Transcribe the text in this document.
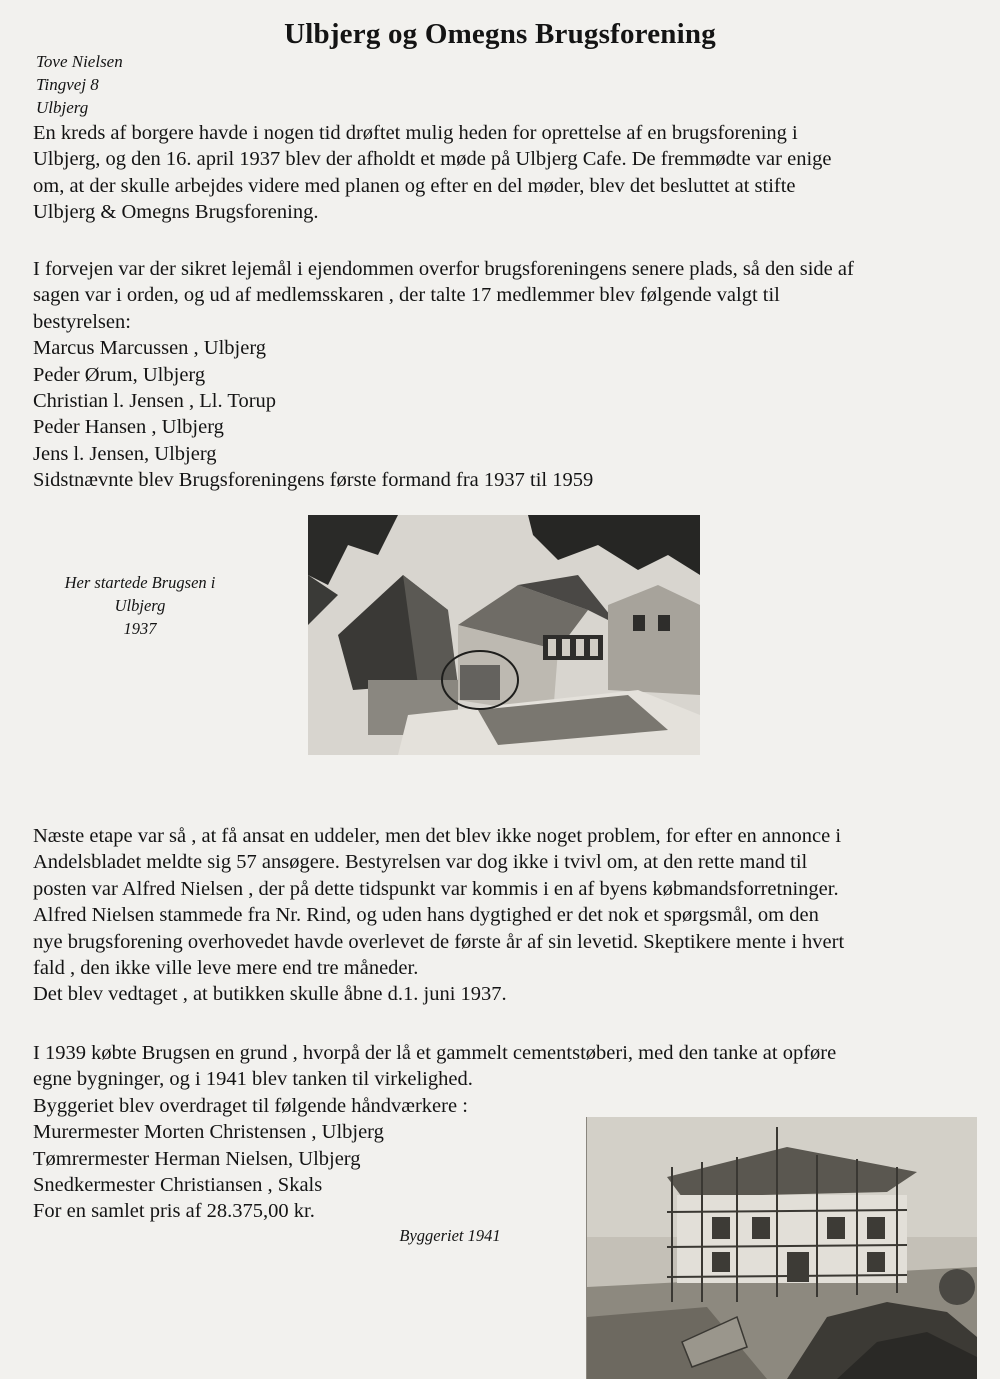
Ulbjerg og Omegns Brugsforening
Tove Nielsen
Tingvej 8
Ulbjerg
En kreds af borgere havde i nogen tid drøftet mulig heden for oprettelse af en brugsforening i
Ulbjerg, og den 16. april 1937 blev der afholdt et møde på Ulbjerg Cafe. De fremmødte var enige
om, at der skulle arbejdes videre med planen og efter en del møder, blev det besluttet at stifte
Ulbjerg & Omegns Brugsforening.
I forvejen var der sikret lejemål i ejendommen overfor brugsforeningens senere plads, så den side af
sagen var i orden, og ud af medlemsskaren , der talte 17 medlemmer blev følgende valgt til
bestyrelsen:
Marcus Marcussen , Ulbjerg
Peder Ørum, Ulbjerg
Christian l. Jensen , Ll. Torup
Peder Hansen , Ulbjerg
Jens l. Jensen, Ulbjerg
Sidstnævnte blev Brugsforeningens første formand fra 1937 til 1959
Her startede Brugsen i
Ulbjerg
1937
Næste etape var så , at få ansat en uddeler, men det blev ikke noget problem, for efter en annonce i
Andelsbladet meldte sig 57 ansøgere. Bestyrelsen var dog ikke i tvivl om, at den rette mand til
posten var Alfred Nielsen , der på dette tidspunkt var kommis i en af byens købmandsforretninger.
Alfred Nielsen stammede fra Nr. Rind, og uden hans dygtighed er det nok et spørgsmål, om den
nye brugsforening overhovedet havde overlevet de første år af sin levetid. Skeptikere mente i hvert
fald , den ikke ville leve mere end tre måneder.
Det blev vedtaget , at butikken skulle åbne d.1. juni 1937.
I 1939 købte Brugsen en grund , hvorpå der lå et gammelt cementstøberi, med den tanke at opføre
egne bygninger, og i 1941 blev tanken til virkelighed.
Byggeriet blev overdraget til følgende håndværkere :
Murermester Morten Christensen , Ulbjerg
Tømrermester Herman Nielsen, Ulbjerg
Snedkermester Christiansen , Skals
For en samlet pris af 28.375,00 kr.
Byggeriet 1941
